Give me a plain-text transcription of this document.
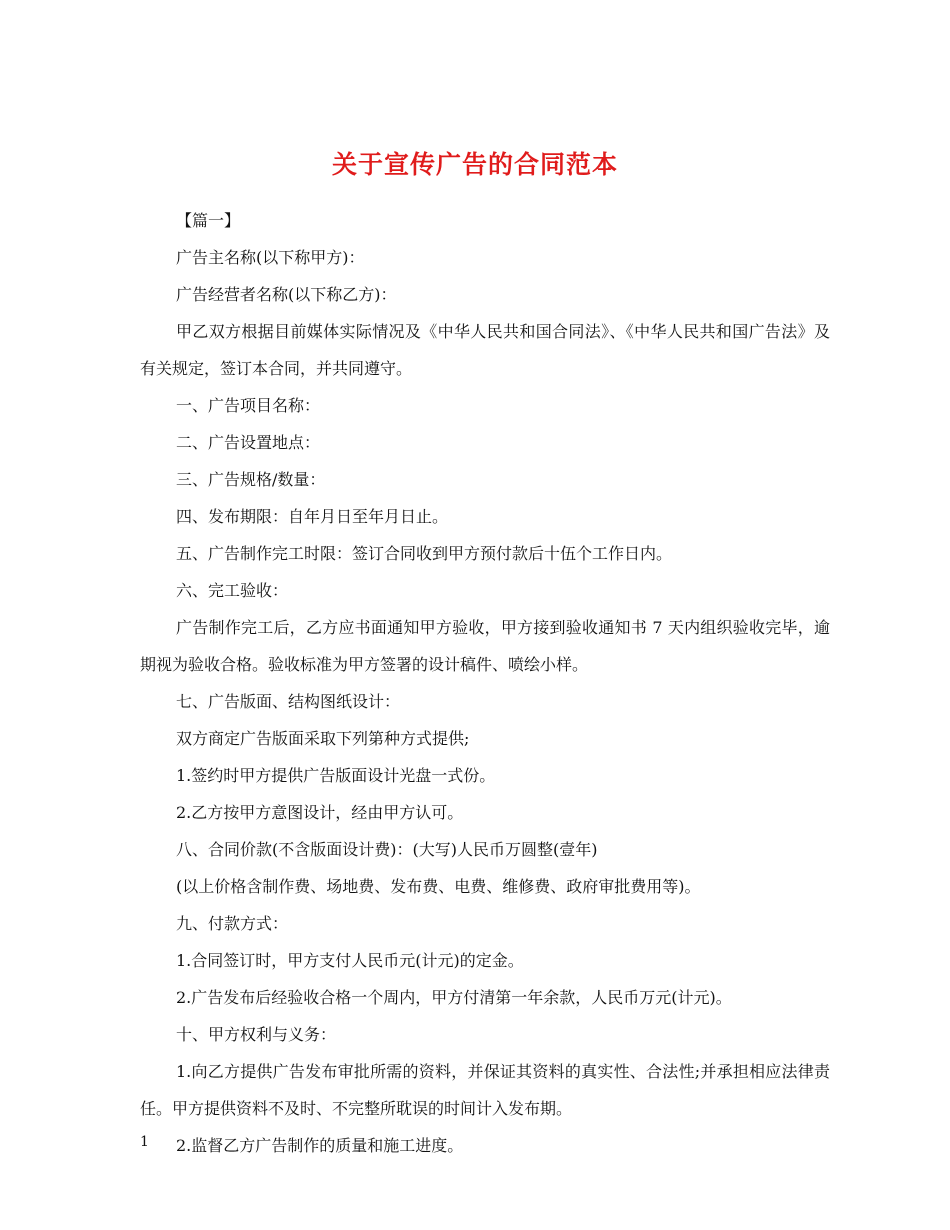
关于宣传广告的合同范本

【篇一】

广告主名称(以下称甲方)：

广告经营者名称(以下称乙方)：

甲乙双方根据目前媒体实际情况及《中华人民共和国合同法》、《中华人民共和国广告法》及有关规定，签订本合同，并共同遵守。

一、广告项目名称：

二、广告设置地点：

三、广告规格/数量：

四、发布期限：自年月日至年月日止。

五、广告制作完工时限：签订合同收到甲方预付款后十伍个工作日内。

六、完工验收：

广告制作完工后，乙方应书面通知甲方验收，甲方接到验收通知书 7 天内组织验收完毕，逾期视为验收合格。验收标准为甲方签署的设计稿件、喷绘小样。

七、广告版面、结构图纸设计：

双方商定广告版面采取下列第种方式提供;

1.签约时甲方提供广告版面设计光盘一式份。

2.乙方按甲方意图设计，经由甲方认可。

八、合同价款(不含版面设计费)：(大写)人民币万圆整(壹年)

(以上价格含制作费、场地费、发布费、电费、维修费、政府审批费用等)。

九、付款方式：

1.合同签订时，甲方支付人民币元(计元)的定金。

2.广告发布后经验收合格一个周内，甲方付清第一年余款，人民币万元(计元)。

十、甲方权利与义务：

1.向乙方提供广告发布审批所需的资料，并保证其资料的真实性、合法性;并承担相应法律责任。甲方提供资料不及时、不完整所耽误的时间计入发布期。

2.监督乙方广告制作的质量和施工进度。

1
